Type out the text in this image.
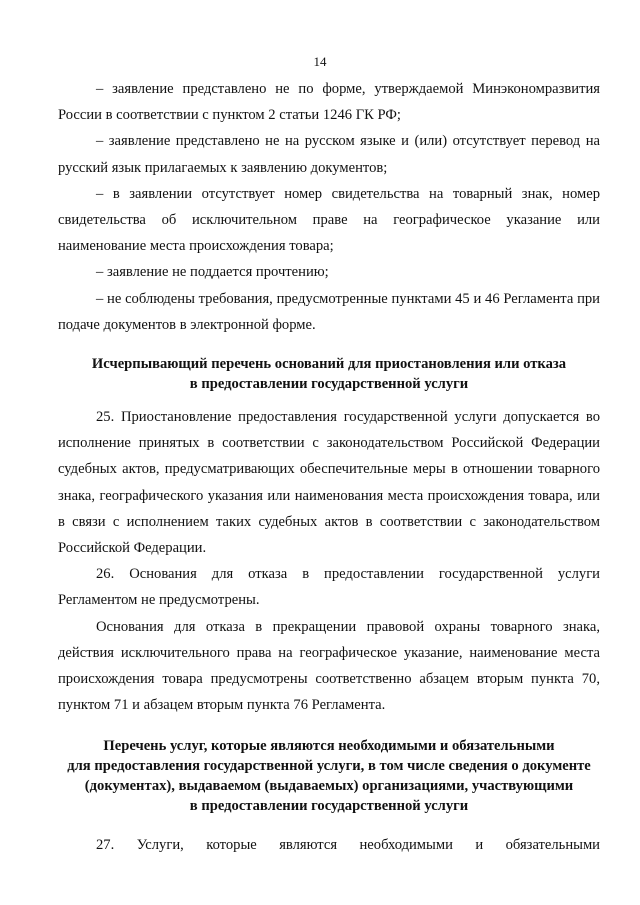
14

– заявление представлено не по форме, утверждаемой Минэкономразвития России в соответствии с пунктом 2 статьи 1246 ГК РФ;

– заявление представлено не на русском языке и (или) отсутствует перевод на русский язык прилагаемых к заявлению документов;

– в заявлении отсутствует номер свидетельства на товарный знак, номер свидетельства об исключительном праве на географическое указание или наименование места происхождения товара;

– заявление не поддается прочтению;

– не соблюдены требования, предусмотренные пунктами 45 и 46 Регламента при подаче документов в электронной форме.

Исчерпывающий перечень оснований для приостановления или отказа
в предоставлении государственной услуги

25. Приостановление предоставления государственной услуги допускается во исполнение принятых в соответствии с законодательством Российской Федерации судебных актов, предусматривающих обеспечительные меры в отношении товарного знака, географического указания или наименования места происхождения товара, или в связи с исполнением таких судебных актов в соответствии с законодательством Российской Федерации.

26. Основания для отказа в предоставлении государственной услуги Регламентом не предусмотрены.

Основания для отказа в прекращении правовой охраны товарного знака, действия исключительного права на географическое указание, наименование места происхождения товара предусмотрены соответственно абзацем вторым пункта 70, пунктом 71 и абзацем вторым пункта 76 Регламента.

Перечень услуг, которые являются необходимыми и обязательными
для предоставления государственной услуги, в том числе сведения о документе
(документах), выдаваемом (выдаваемых) организациями, участвующими
в предоставлении государственной услуги

27. Услуги, которые являются необходимыми и обязательными
